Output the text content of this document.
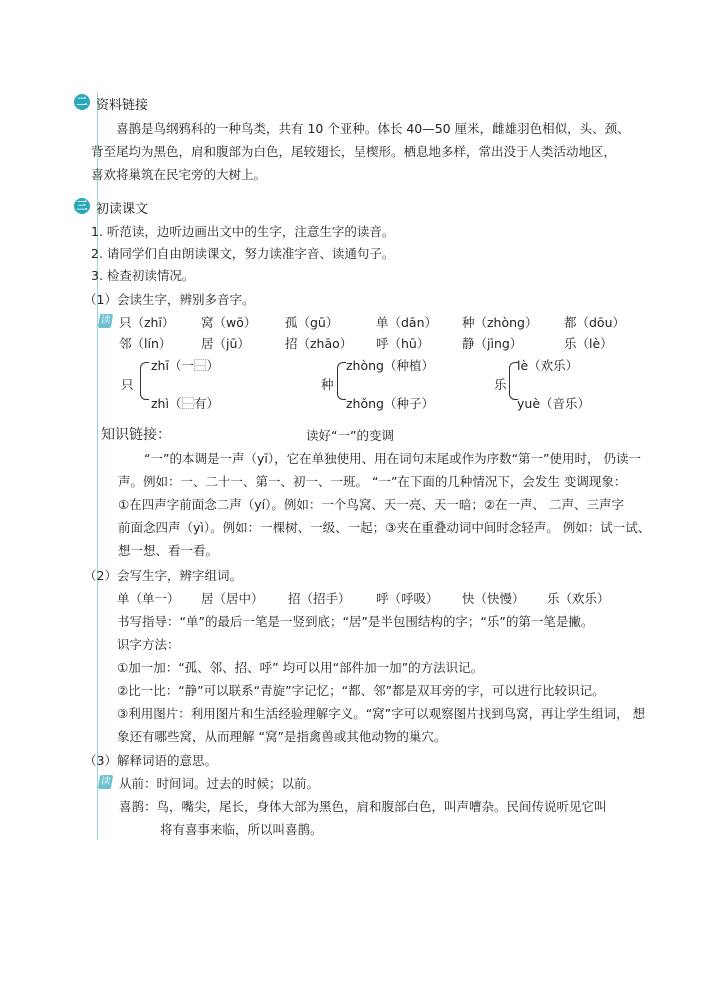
二 资料链接
喜鹊是鸟纲鸦科的一种鸟类，共有 10 个亚种。体长 40—50 厘米，雌雄羽色相似，头、颈、
背至尾均为黑色，肩和腹部为白色，尾较翅长，呈楔形。栖息地多样，常出没于人类活动地区，
喜欢将巢筑在民宅旁的大树上。
三 初读课文
1. 听范读，边听边画出文中的生字，注意生字的读音。
2. 请同学们自由朗读课文，努力读准字音、读通句子。
3. 检查初读情况。
（1）会读生字，辨别多音字。
读 只（zhī） 窝（wō） 孤（gū）	单（dān） 种（zhòng） 都（dōu）
邻（lín） 居（jū）	招（zhāo） 呼（hū）	静（jìng）	乐（lè）
只
zhī（一⿱）
zhì（⿱有）
种
zhòng（种植）
zhǒng（种子）
乐
lè（欢乐）
yuè（音乐）
知识链接：	读好“一”的变调
“一”的本调是一声（yī），它在单独使用、用在词句末尾或作为序数“第一”使用时， 仍读一
声。例如：一、二十一、第一、初一、一班。 “一”在下面的几种情况下，会发生 变调现象：
①在四声字前面念二声（yí）。例如：一个鸟窝、天一亮、天一暗；②在一声、 二声、三声字
前面念四声（yì）。例如：一棵树、一级、一起；③夹在重叠动词中间时念轻声。 例如：试一试、
想一想、看一看。
（2）会写生字，辨字组词。
单（单一） 居（居中） 招（招手） 呼（呼吸） 快（快慢） 乐（欢乐）
书写指导：“单”的最后一笔是一竖到底；“居”是半包围结构的字；“乐”的第一笔是撇。
识字方法：
①加一加：“孤、邻、招、呼” 均可以用“部件加一加”的方法识记。
②比一比：“静”可以联系“青旋”字记忆；“都、邻”都是双耳旁的字，可以进行比较识记。
③利用图片：利用图片和生活经验理解字义。“窝”字可以观察图片找到鸟窝，再让学生组词， 想
象还有哪些窝，从而理解 “窝”是指禽兽或其他动物的巢穴。
（3）解释词语的意思。
读 从前：时间词。过去的时候；以前。
喜鹊：鸟，嘴尖，尾长，身体大部为黑色，肩和腹部白色，叫声嘈杂。民间传说听见它叫
将有喜事来临，所以叫喜鹊。
